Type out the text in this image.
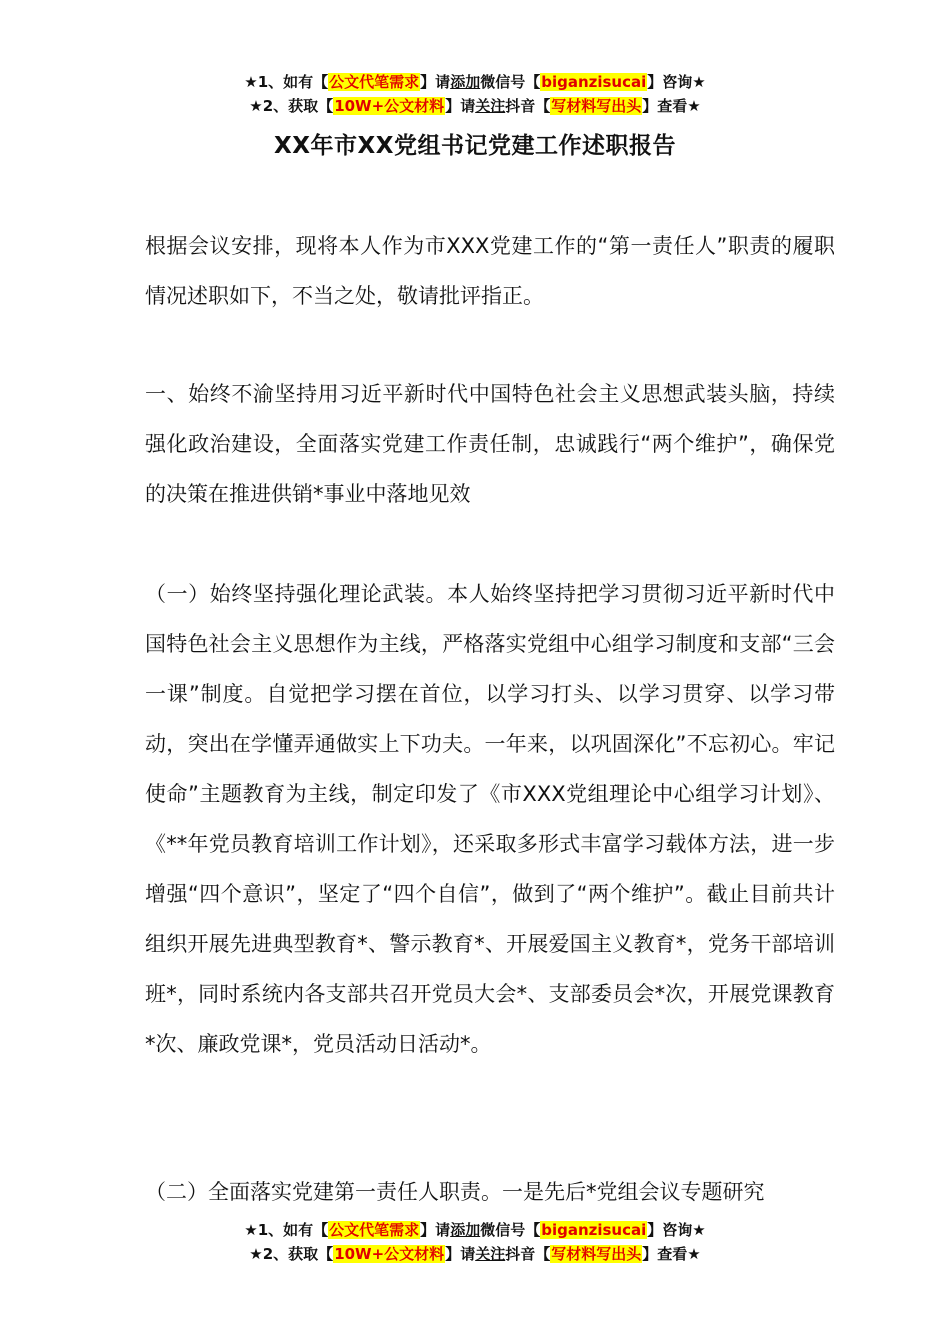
★1、如有【公文代笔需求】请添加微信号【biganzisucai】咨询★
★2、获取【10W+公文材料】请关注抖音【写材料写出头】查看★
XX年市XX党组书记党建工作述职报告

根据会议安排，现将本人作为市XXX党建工作的“第一责任人”职责的履职情况述职如下，不当之处，敬请批评指正。

一、始终不渝坚持用习近平新时代中国特色社会主义思想武装头脑，持续强化政治建设，全面落实党建工作责任制，忠诚践行“两个维护”，确保党的决策在推进供销*事业中落地见效

（一）始终坚持强化理论武装。本人始终坚持把学习贯彻习近平新时代中国特色社会主义思想作为主线，严格落实党组中心组学习制度和支部“三会一课”制度。自觉把学习摆在首位，以学习打头、以学习贯穿、以学习带动，突出在学懂弄通做实上下功夫。一年来，以巩固深化”不忘初心。牢记使命”主题教育为主线，制定印发了《市XXX党组理论中心组学习计划》、《**年党员教育培训工作计划》，还采取多形式丰富学习载体方法，进一步增强“四个意识”，坚定了“四个自信”，做到了“两个维护”。截止目前共计组织开展先进典型教育*、警示教育*、开展爱国主义教育*，党务干部培训班*，同时系统内各支部共召开党员大会*、支部委员会*次，开展党课教育*次、廉政党课*，党员活动日活动*。

（二）全面落实党建第一责任人职责。一是先后*党组会议专题研究

★1、如有【公文代笔需求】请添加微信号【biganzisucai】咨询★
★2、获取【10W+公文材料】请关注抖音【写材料写出头】查看★
